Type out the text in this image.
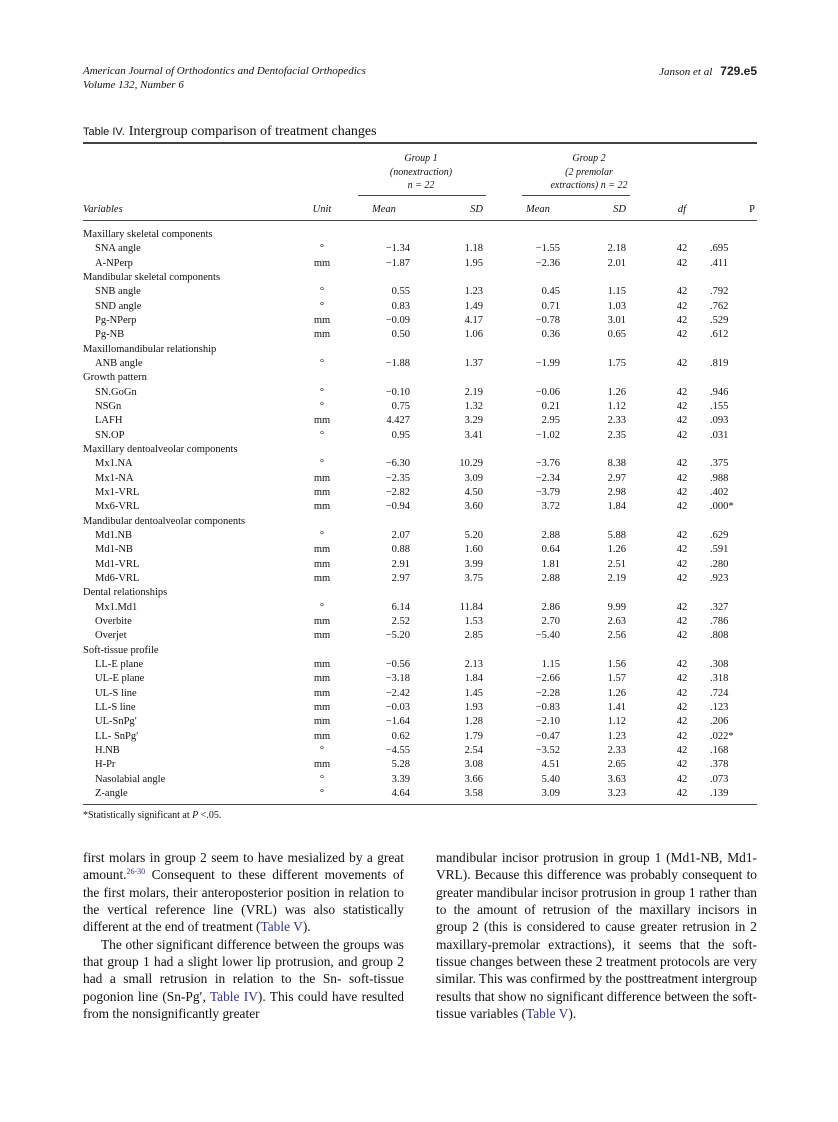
American Journal of Orthodontics and Dentofacial Orthopedics
Volume 132, Number 6
Janson et al 729.e5
Table IV. Intergroup comparison of treatment changes
Group 1
(nonextraction)
n = 22
Group 2
(2 premolar
extractions) n = 22
Variables	Unit	Mean	SD	Mean	SD	df	P
Maxillary skeletal components
SNA angle	°	−1.34	1.18	−1.55	2.18	42	.695
A-NPerp	mm	−1.87	1.95	−2.36	2.01	42	.411
Mandibular skeletal components
SNB angle	°	0.55	1.23	0.45	1.15	42	.792
SND angle	°	0.83	1.49	0.71	1.03	42	.762
Pg-NPerp	mm	−0.09	4.17	−0.78	3.01	42	.529
Pg-NB	mm	0.50	1.06	0.36	0.65	42	.612
Maxillomandibular relationship
ANB angle	°	−1.88	1.37	−1.99	1.75	42	.819
Growth pattern
SN.GoGn	°	−0.10	2.19	−0.06	1.26	42	.946
NSGn	°	0.75	1.32	0.21	1.12	42	.155
LAFH	mm	4.427	3.29	2.95	2.33	42	.093
SN.OP	°	0.95	3.41	−1.02	2.35	42	.031
Maxillary dentoalveolar components
Mx1.NA	°	−6.30	10.29	−3.76	8.38	42	.375
Mx1-NA	mm	−2.35	3.09	−2.34	2.97	42	.988
Mx1-VRL	mm	−2.82	4.50	−3.79	2.98	42	.402
Mx6-VRL	mm	−0.94	3.60	3.72	1.84	42	.000*
Mandibular dentoalveolar components
Md1.NB	°	2.07	5.20	2.88	5.88	42	.629
Md1-NB	mm	0.88	1.60	0.64	1.26	42	.591
Md1-VRL	mm	2.91	3.99	1.81	2.51	42	.280
Md6-VRL	mm	2.97	3.75	2.88	2.19	42	.923
Dental relationships
Mx1.Md1	°	6.14	11.84	2.86	9.99	42	.327
Overbite	mm	2.52	1.53	2.70	2.63	42	.786
Overjet	mm	−5.20	2.85	−5.40	2.56	42	.808
Soft-tissue profile
LL-E plane	mm	−0.56	2.13	1.15	1.56	42	.308
UL-E plane	mm	−3.18	1.84	−2.66	1.57	42	.318
UL-S line	mm	−2.42	1.45	−2.28	1.26	42	.724
LL-S line	mm	−0.03	1.93	−0.83	1.41	42	.123
UL-SnPg′	mm	−1.64	1.28	−2.10	1.12	42	.206
LL- SnPg′	mm	0.62	1.79	−0.47	1.23	42	.022*
H.NB	°	−4.55	2.54	−3.52	2.33	42	.168
H-Pr	mm	5.28	3.08	4.51	2.65	42	.378
Nasolabial angle	°	3.39	3.66	5.40	3.63	42	.073
Z-angle	°	4.64	3.58	3.09	3.23	42	.139
*Statistically significant at P <.05.

first molars in group 2 seem to have mesialized by a great amount.$^{26-30}$ Consequent to these different movements of the first molars, their anteroposterior position in relation to the vertical reference line (VRL) was also statistically different at the end of treatment (Table V).

The other significant difference between the groups was that group 1 had a slight lower lip protrusion, and group 2 had a small retrusion in relation to the Sn- soft-tissue pogonion line (Sn-Pg′, Table IV). This could have resulted from the nonsignificantly greater

mandibular incisor protrusion in group 1 (Md1-NB, Md1-VRL). Because this difference was probably consequent to greater mandibular incisor protrusion in group 1 rather than to the amount of retrusion of the maxillary incisors in group 2 (this is considered to cause greater retrusion in 2 maxillary-premolar extractions), it seems that the soft-tissue changes between these 2 treatment protocols are very similar. This was confirmed by the posttreatment intergroup results that show no significant difference between the soft-tissue variables (Table V).
